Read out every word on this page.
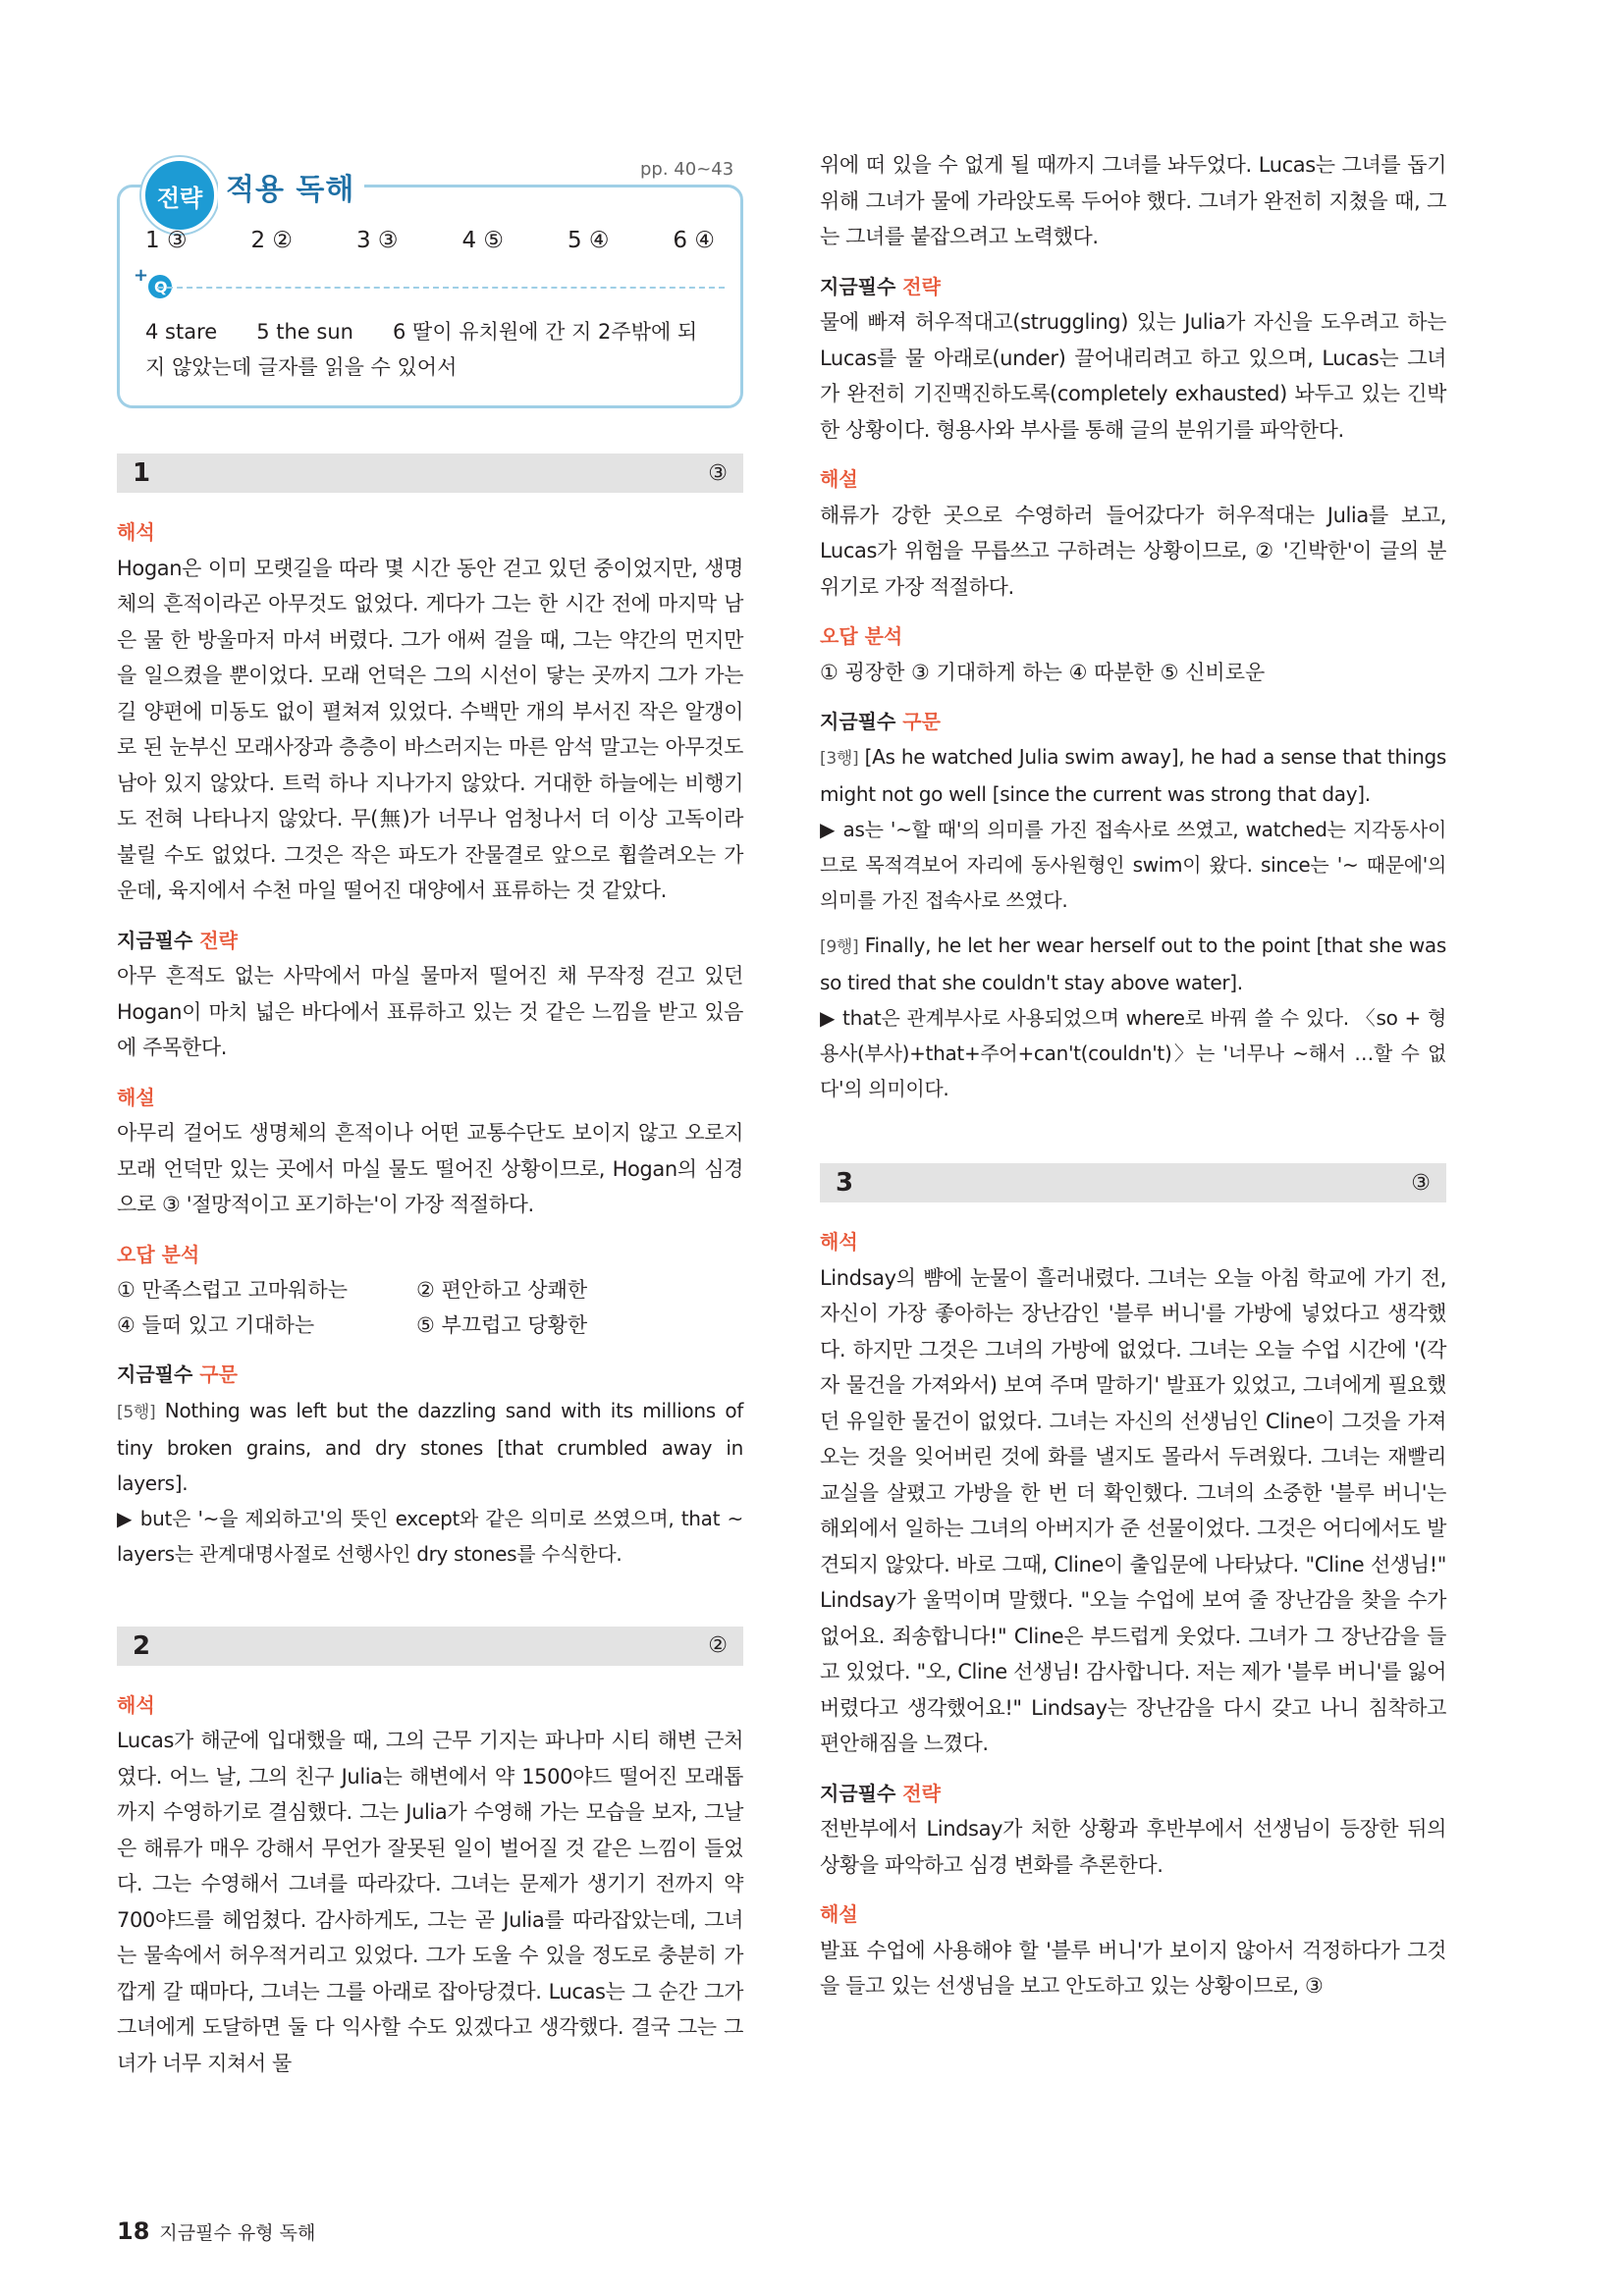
전략 적용 독해
pp. 40~43
1 ③	2 ②	3 ③	4 ⑤	5 ④	6 ④
+
Q
4 stare      5 the sun      6 딸이 유치원에 간 지 2주밖에 되
지 않았는데 글자를 읽을 수 있어서
1	③

해석

Hogan은 이미 모랫길을 따라 몇 시간 동안 걷고 있던 중이었지만, 생명체의 흔적이라곤 아무것도 없었다. 게다가 그는 한 시간 전에 마지막 남은 물 한 방울마저 마셔 버렸다. 그가 애써 걸을 때, 그는 약간의 먼지만을 일으켰을 뿐이었다. 모래 언덕은 그의 시선이 닿는 곳까지 그가 가는 길 양편에 미동도 없이 펼쳐져 있었다. 수백만 개의 부서진 작은 알갱이로 된 눈부신 모래사장과 층층이 바스러지는 마른 암석 말고는 아무것도 남아 있지 않았다. 트럭 하나 지나가지 않았다. 거대한 하늘에는 비행기도 전혀 나타나지 않았다. 무(無)가 너무나 엄청나서 더 이상 고독이라 불릴 수도 없었다. 그것은 작은 파도가 잔물결로 앞으로 휩쓸려오는 가운데, 육지에서 수천 마일 떨어진 대양에서 표류하는 것 같았다.

지금필수 전략

아무 흔적도 없는 사막에서 마실 물마저 떨어진 채 무작정 걷고 있던 Hogan이 마치 넓은 바다에서 표류하고 있는 것 같은 느낌을 받고 있음에 주목한다.

해설

아무리 걸어도 생명체의 흔적이나 어떤 교통수단도 보이지 않고 오로지 모래 언덕만 있는 곳에서 마실 물도 떨어진 상황이므로, Hogan의 심경으로 ③ '절망적이고 포기하는'이 가장 적절하다.

오답 분석

① 만족스럽고 고마워하는	② 편안하고 상쾌한
④ 들떠 있고 기대하는	⑤ 부끄럽고 당황한

지금필수 구문

[5행] Nothing was left but the dazzling sand with its millions of tiny broken grains, and dry stones [that crumbled away in layers].

▶ but은 '~을 제외하고'의 뜻인 except와 같은 의미로 쓰였으며, that ~ layers는 관계대명사절로 선행사인 dry stones를 수식한다.

2	②

해석

Lucas가 해군에 입대했을 때, 그의 근무 기지는 파나마 시티 해변 근처였다. 어느 날, 그의 친구 Julia는 해변에서 약 1500야드 떨어진 모래톱까지 수영하기로 결심했다. 그는 Julia가 수영해 가는 모습을 보자, 그날은 해류가 매우 강해서 무언가 잘못된 일이 벌어질 것 같은 느낌이 들었다. 그는 수영해서 그녀를 따라갔다. 그녀는 문제가 생기기 전까지 약 700야드를 헤엄쳤다. 감사하게도, 그는 곧 Julia를 따라잡았는데, 그녀는 물속에서 허우적거리고 있었다. 그가 도울 수 있을 정도로 충분히 가깝게 갈 때마다, 그녀는 그를 아래로 잡아당겼다. Lucas는 그 순간 그가 그녀에게 도달하면 둘 다 익사할 수도 있겠다고 생각했다. 결국 그는 그녀가 너무 지쳐서 물

위에 떠 있을 수 없게 될 때까지 그녀를 놔두었다. Lucas는 그녀를 돕기 위해 그녀가 물에 가라앉도록 두어야 했다. 그녀가 완전히 지쳤을 때, 그는 그녀를 붙잡으려고 노력했다.

지금필수 전략

물에 빠져 허우적대고(struggling) 있는 Julia가 자신을 도우려고 하는 Lucas를 물 아래로(under) 끌어내리려고 하고 있으며, Lucas는 그녀가 완전히 기진맥진하도록(completely exhausted) 놔두고 있는 긴박한 상황이다. 형용사와 부사를 통해 글의 분위기를 파악한다.

해설

해류가 강한 곳으로 수영하러 들어갔다가 허우적대는 Julia를 보고, Lucas가 위험을 무릅쓰고 구하려는 상황이므로, ② '긴박한'이 글의 분위기로 가장 적절하다.

오답 분석

① 굉장한 ③ 기대하게 하는 ④ 따분한 ⑤ 신비로운

지금필수 구문

[3행] [As he watched Julia swim away], he had a sense that things might not go well [since the current was strong that day].

▶ as는 '~할 때'의 의미를 가진 접속사로 쓰였고, watched는 지각동사이므로 목적격보어 자리에 동사원형인 swim이 왔다. since는 '~ 때문에'의 의미를 가진 접속사로 쓰였다.

[9행] Finally, he let her wear herself out to the point [that she was so tired that she couldn't stay above water].

▶ that은 관계부사로 사용되었으며 where로 바꿔 쓸 수 있다. 〈so + 형용사(부사)+that+주어+can't(couldn't)〉는 '너무나 ~해서 …할 수 없다'의 의미이다.

3	③

해석

Lindsay의 뺨에 눈물이 흘러내렸다. 그녀는 오늘 아침 학교에 가기 전, 자신이 가장 좋아하는 장난감인 '블루 버니'를 가방에 넣었다고 생각했다. 하지만 그것은 그녀의 가방에 없었다. 그녀는 오늘 수업 시간에 '(각자 물건을 가져와서) 보여 주며 말하기' 발표가 있었고, 그녀에게 필요했던 유일한 물건이 없었다. 그녀는 자신의 선생님인 Cline이 그것을 가져오는 것을 잊어버린 것에 화를 낼지도 몰라서 두려웠다. 그녀는 재빨리 교실을 살폈고 가방을 한 번 더 확인했다. 그녀의 소중한 '블루 버니'는 해외에서 일하는 그녀의 아버지가 준 선물이었다. 그것은 어디에서도 발견되지 않았다. 바로 그때, Cline이 출입문에 나타났다. "Cline 선생님!" Lindsay가 울먹이며 말했다. "오늘 수업에 보여 줄 장난감을 찾을 수가 없어요. 죄송합니다!" Cline은 부드럽게 웃었다. 그녀가 그 장난감을 들고 있었다. "오, Cline 선생님! 감사합니다. 저는 제가 '블루 버니'를 잃어버렸다고 생각했어요!" Lindsay는 장난감을 다시 갖고 나니 침착하고 편안해짐을 느꼈다.

지금필수 전략

전반부에서 Lindsay가 처한 상황과 후반부에서 선생님이 등장한 뒤의 상황을 파악하고 심경 변화를 추론한다.

해설

발표 수업에 사용해야 할 '블루 버니'가 보이지 않아서 걱정하다가 그것을 들고 있는 선생님을 보고 안도하고 있는 상황이므로, ③

18 지금필수 유형 독해
